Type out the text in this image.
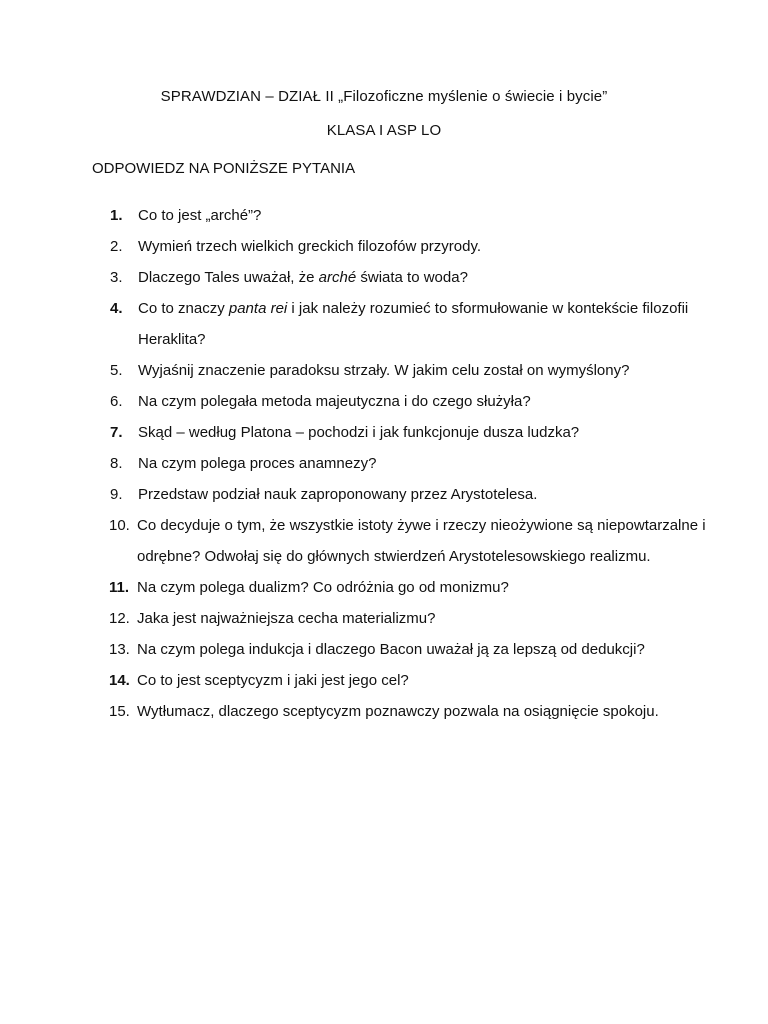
SPRAWDZIAN – DZIAŁ II „Filozoficzne myślenie o świecie i bycie”
KLASA I ASP LO
ODPOWIEDZ NA PONIŻSZE PYTANIA
1. Co to jest „arché”?
2. Wymień trzech wielkich greckich filozofów przyrody.
3. Dlaczego Tales uważał, że arché świata to woda?
4. Co to znaczy panta rei i jak należy rozumieć to sformułowanie w kontekście filozofii Heraklita?
5. Wyjaśnij znaczenie paradoksu strzały. W jakim celu został on wymyślony?
6. Na czym polegała metoda majeutyczna i do czego służyła?
7. Skąd – według Platona – pochodzi i jak funkcjonuje dusza ludzka?
8. Na czym polega proces anamnezy?
9. Przedstaw podział nauk zaproponowany przez Arystotelesa.
10. Co decyduje o tym, że wszystkie istoty żywe i rzeczy nieożywione są niepowtarzalne i odrębne? Odwołaj się do głównych stwierdzeń Arystotelesowskiego realizmu.
11. Na czym polega dualizm? Co odróżnia go od monizmu?
12. Jaka jest najważniejsza cecha materializmu?
13. Na czym polega indukcja i dlaczego Bacon uważał ją za lepszą od dedukcji?
14. Co to jest sceptycyzm i jaki jest jego cel?
15. Wytłumacz, dlaczego sceptycyzm poznawczy pozwala na osiągnięcie spokoju.
